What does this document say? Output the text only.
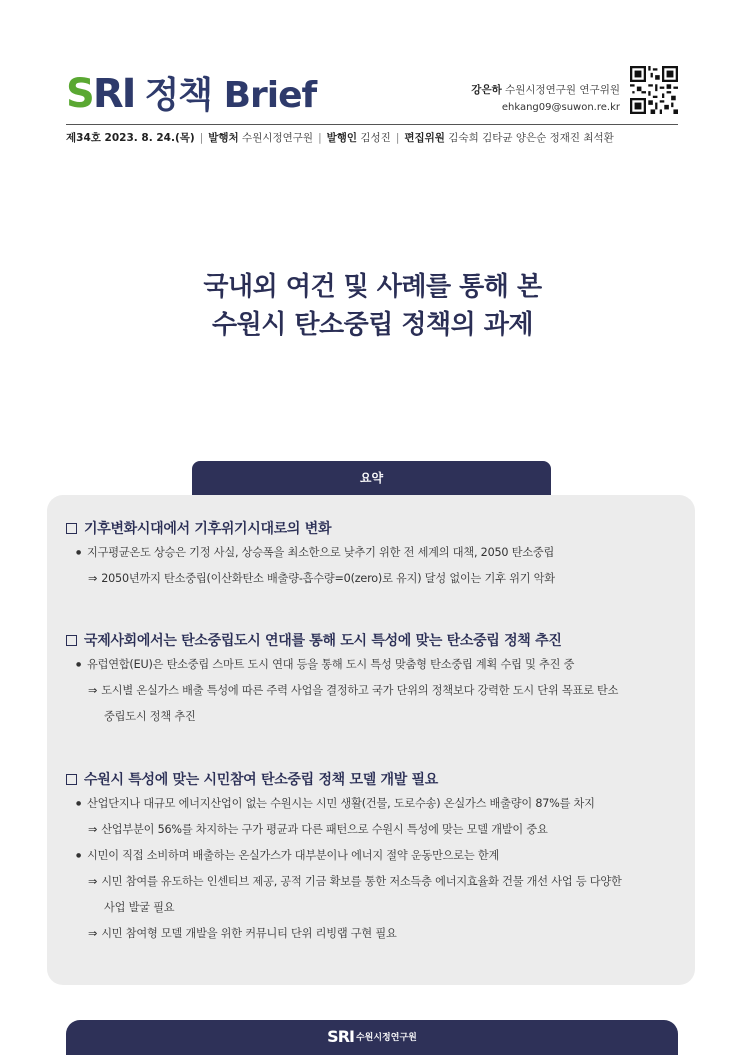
SRI 정책 Brief	강은하 수원시정연구원 연구위원
ehkang09@suwon.re.kr
제34호 2023. 8. 24.(목) | 발행처 수원시정연구원 | 발행인 김성진 | 편집위원 김숙희 김타균 양은순 정재진 최석환
국내외 여건 및 사례를 통해 본
수원시 탄소중립 정책의 과제
요약
기후변화시대에서 기후위기시대로의 변화
● 지구평균온도 상승은 기정 사실, 상승폭을 최소한으로 낮추기 위한 전 세계의 대책, 2050 탄소중립
⇒ 2050년까지 탄소중립(이산화탄소 배출량-흡수량=0(zero)로 유지) 달성 없이는 기후 위기 악화
국제사회에서는 탄소중립도시 연대를 통해 도시 특성에 맞는 탄소중립 정책 추진
● 유럽연합(EU)은 탄소중립 스마트 도시 연대 등을 통해 도시 특성 맞춤형 탄소중립 계획 수립 및 추진 중
⇒ 도시별 온실가스 배출 특성에 따른 주력 사업을 결정하고 국가 단위의 정책보다 강력한 도시 단위 목표로 탄소
중립도시 정책 추진
수원시 특성에 맞는 시민참여 탄소중립 정책 모델 개발 필요
● 산업단지나 대규모 에너지산업이 없는 수원시는 시민 생활(건물, 도로수송) 온실가스 배출량이 87%를 차지
⇒ 산업부분이 56%를 차지하는 구가 평균과 다른 패턴으로 수원시 특성에 맞는 모델 개발이 중요
● 시민이 직접 소비하며 배출하는 온실가스가 대부분이나 에너지 절약 운동만으로는 한계
⇒ 시민 참여를 유도하는 인센티브 제공, 공적 기금 확보를 통한 저소득층 에너지효율화 건물 개선 사업 등 다양한
사업 발굴 필요
⇒ 시민 참여형 모델 개발을 위한 커뮤니티 단위 리빙랩 구현 필요
SRI 수원시정연구원
